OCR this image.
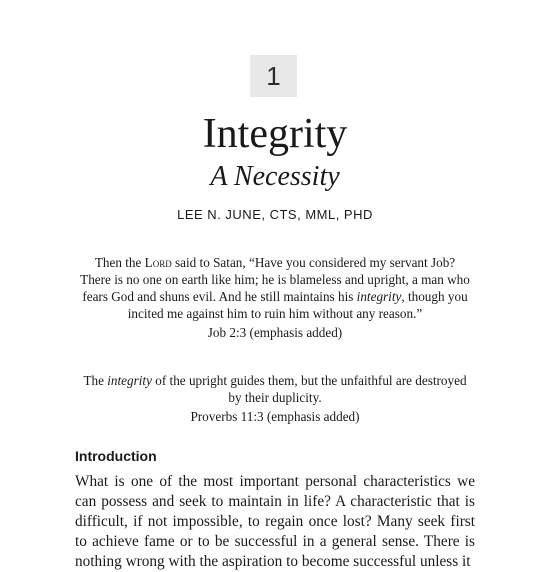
1
Integrity
A Necessity
LEE N. JUNE, CTS, MML, PHD
Then the Lord said to Satan, “Have you considered my servant Job? There is no one on earth like him; he is blameless and upright, a man who fears God and shuns evil. And he still maintains his integrity, though you incited me against him to ruin him without any reason.”
Job 2:3 (emphasis added)
The integrity of the upright guides them, but the unfaithful are destroyed by their duplicity.
Proverbs 11:3 (emphasis added)
Introduction
What is one of the most important personal characteristics we can possess and seek to maintain in life? A characteristic that is difficult, if not impossible, to regain once lost? Many seek first to achieve fame or to be successful in a general sense. There is nothing wrong with the aspiration to become successful unless it
